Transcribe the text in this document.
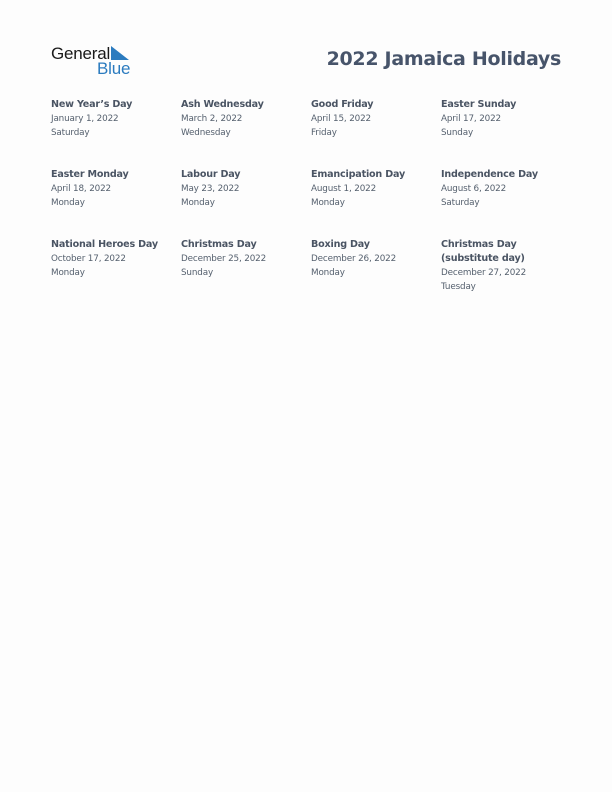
General
Blue	2022 Jamaica Holidays
New Year’s Day
January 1, 2022
Saturday
Ash Wednesday
March 2, 2022
Wednesday
Good Friday
April 15, 2022
Friday
Easter Sunday
April 17, 2022
Sunday
Easter Monday
April 18, 2022
Monday
Labour Day
May 23, 2022
Monday
Emancipation Day
August 1, 2022
Monday
Independence Day
August 6, 2022
Saturday
National Heroes Day
October 17, 2022
Monday
Christmas Day
December 25, 2022
Sunday
Boxing Day
December 26, 2022
Monday
Christmas Day (substitute day)
December 27, 2022
Tuesday
